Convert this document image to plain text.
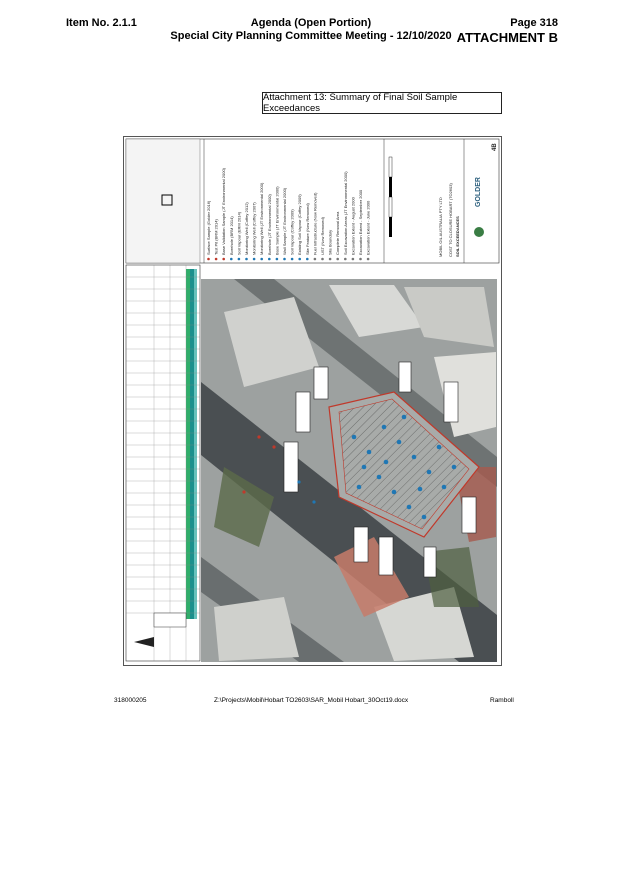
Item No. 2.1.1	Agenda (Open Portion)
Special City Planning Committee Meeting - 12/10/2020
Page 318
ATTACHMENT B
Attachment 13: Summary of Final Soil Sample Exceedances
Surface Sample (Golder 2016) Test Pit (BRM 2014) Base Validation Sample (JT Environmental 2000) Borehole (BRM 2014) Soil Vapour (ERM 2014) Monitoring Well (Coffey 2012) Monitoring Well (Coffey 2007) Monitoring Well (JT Environmental 2000) Borehole (JT Environmental 2000) Base Sample (JT Environmental 2000) Wall Sample (JT Environmental 2000) Soil Vapour (Coffey 2009) Existing Soil Vapour (Coffey 2009) Site Feature (Now Removed) Fuel Infrastructure (Now Removed) UST (Now Removed) Site Boundary Complete Removal Area Soil Excavation Areas (JT Environmental 2000) Excavation Extent - August 2000 Excavation Extent - September 2000 Excavation Extent - June 2000
GOLDER
MOBIL OIL AUSTRALIA PTY LTD COST TO CLOSURE HOBART (TO2603) SOIL EXCEEDANCES
4B
318000205	Z:\Projects\Mobil\Hobart TO2603\SAR_Mobil Hobart_30Oct19.docx	Ramboll
